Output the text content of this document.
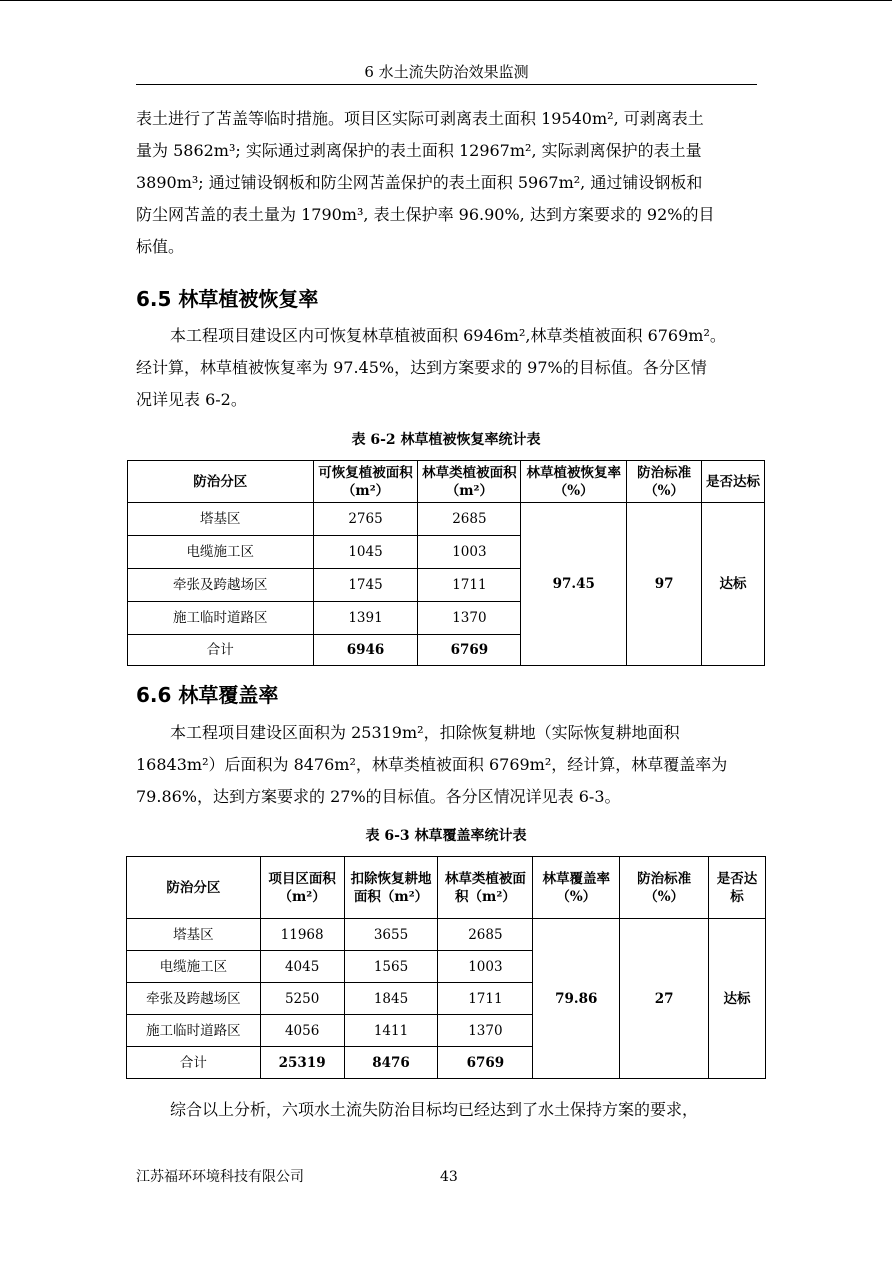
6 水土流失防治效果监测
表土进行了苫盖等临时措施。项目区实际可剥离表土面积 19540m², 可剥离表土
量为 5862m³; 实际通过剥离保护的表土面积 12967m², 实际剥离保护的表土量
3890m³; 通过铺设钢板和防尘网苫盖保护的表土面积 5967m², 通过铺设钢板和
防尘网苫盖的表土量为 1790m³, 表土保护率 96.90%, 达到方案要求的 92%的目
标值。
6.5 林草植被恢复率
本工程项目建设区内可恢复林草植被面积 6946m²,林草类植被面积 6769m²。
经计算，林草植被恢复率为 97.45%，达到方案要求的 97%的目标值。各分区情
况详见表 6-2。
表 6-2 林草植被恢复率统计表
防治分区	可恢复植被面积（m²）	林草类植被面积（m²）	林草植被恢复率（%）	防治标准（%）	是否达标
塔基区	2765	2685	97.45	97	达标
电缆施工区	1045	1003			
牵张及跨越场区	1745	1711			
施工临时道路区	1391	1370			
合计	6946	6769			
6.6 林草覆盖率
本工程项目建设区面积为 25319m²，扣除恢复耕地（实际恢复耕地面积
16843m²）后面积为 8476m²，林草类植被面积 6769m²，经计算，林草覆盖率为
79.86%，达到方案要求的 27%的目标值。各分区情况详见表 6-3。
表 6-3 林草覆盖率统计表
防治分区	项目区面积（m²）	扣除恢复耕地面积（m²）	林草类植被面积（m²）	林草覆盖率（%）	防治标准（%）	是否达标
塔基区	11968	3655	2685	79.86	27	达标
电缆施工区	4045	1565	1003			
牵张及跨越场区	5250	1845	1711			
施工临时道路区	4056	1411	1370			
合计	25319	8476	6769			
综合以上分析，六项水土流失防治目标均已经达到了水土保持方案的要求，
江苏福环环境科技有限公司	43
